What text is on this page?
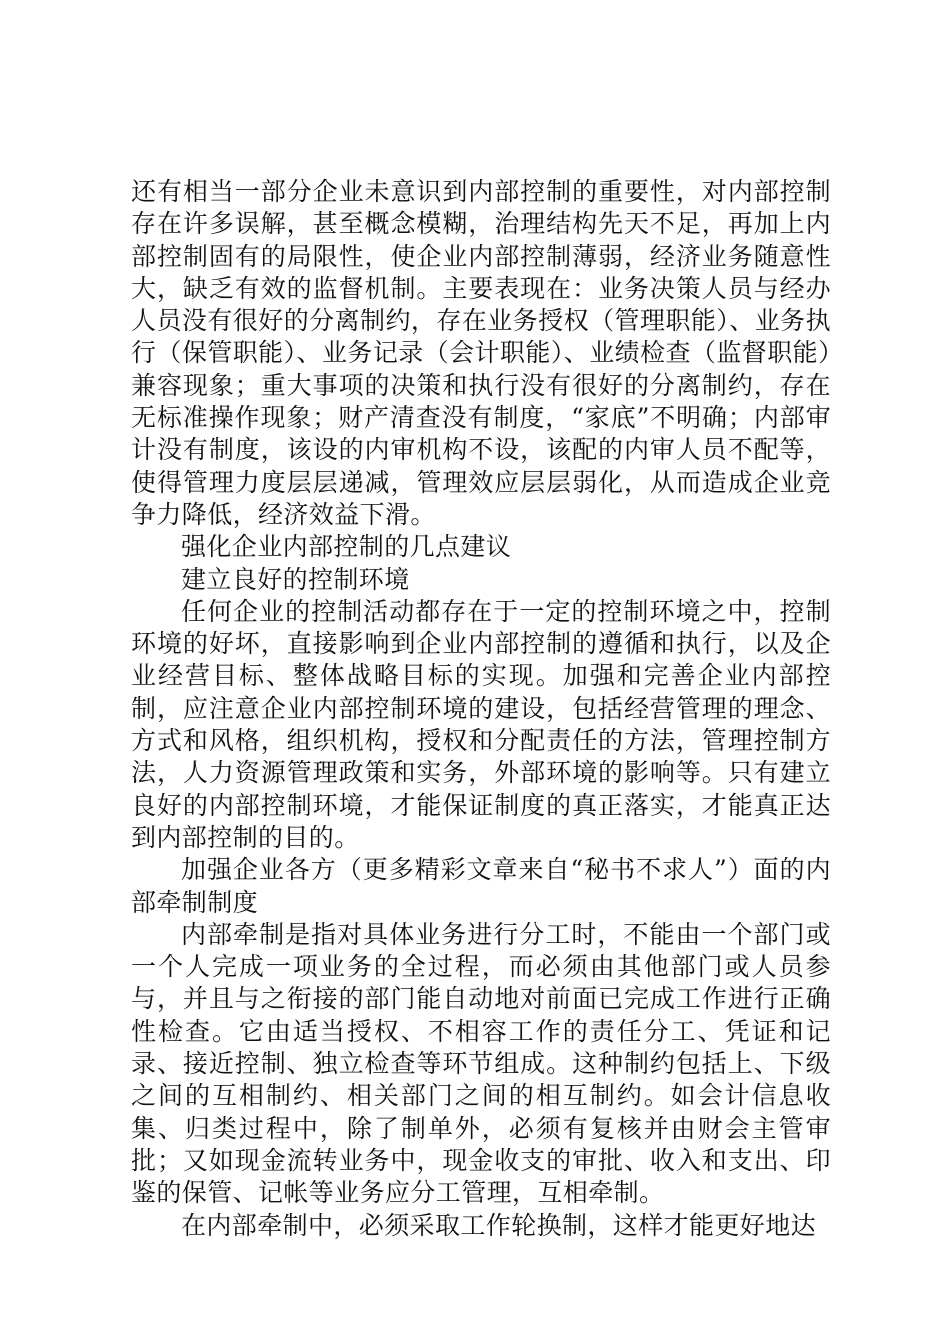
还有相当一部分企业未意识到内部控制的重要性，对内部控制存在许多误解，甚至概念模糊，治理结构先天不足，再加上内部控制固有的局限性，使企业内部控制薄弱，经济业务随意性大，缺乏有效的监督机制。主要表现在：业务决策人员与经办人员没有很好的分离制约，存在业务授权（管理职能）、业务执行（保管职能）、业务记录（会计职能）、业绩检查（监督职能）兼容现象；重大事项的决策和执行没有很好的分离制约，存在无标准操作现象；财产清查没有制度，“家底”不明确；内部审计没有制度，该设的内审机构不设，该配的内审人员不配等，使得管理力度层层递减，管理效应层层弱化，从而造成企业竞争力降低，经济效益下滑。

强化企业内部控制的几点建议

建立良好的控制环境

任何企业的控制活动都存在于一定的控制环境之中，控制环境的好坏，直接影响到企业内部控制的遵循和执行，以及企业经营目标、整体战略目标的实现。加强和完善企业内部控制，应注意企业内部控制环境的建设，包括经营管理的理念、方式和风格，组织机构，授权和分配责任的方法，管理控制方法，人力资源管理政策和实务，外部环境的影响等。只有建立良好的内部控制环境，才能保证制度的真正落实，才能真正达到内部控制的目的。

加强企业各方（更多精彩文章来自“秘书不求人”）面的内部牵制制度

内部牵制是指对具体业务进行分工时，不能由一个部门或一个人完成一项业务的全过程，而必须由其他部门或人员参与，并且与之衔接的部门能自动地对前面已完成工作进行正确性检查。它由适当授权、不相容工作的责任分工、凭证和记录、接近控制、独立检查等环节组成。这种制约包括上、下级之间的互相制约、相关部门之间的相互制约。如会计信息收集、归类过程中，除了制单外，必须有复核并由财会主管审批；又如现金流转业务中，现金收支的审批、收入和支出、印鉴的保管、记帐等业务应分工管理，互相牵制。

在内部牵制中，必须采取工作轮换制，这样才能更好地达
